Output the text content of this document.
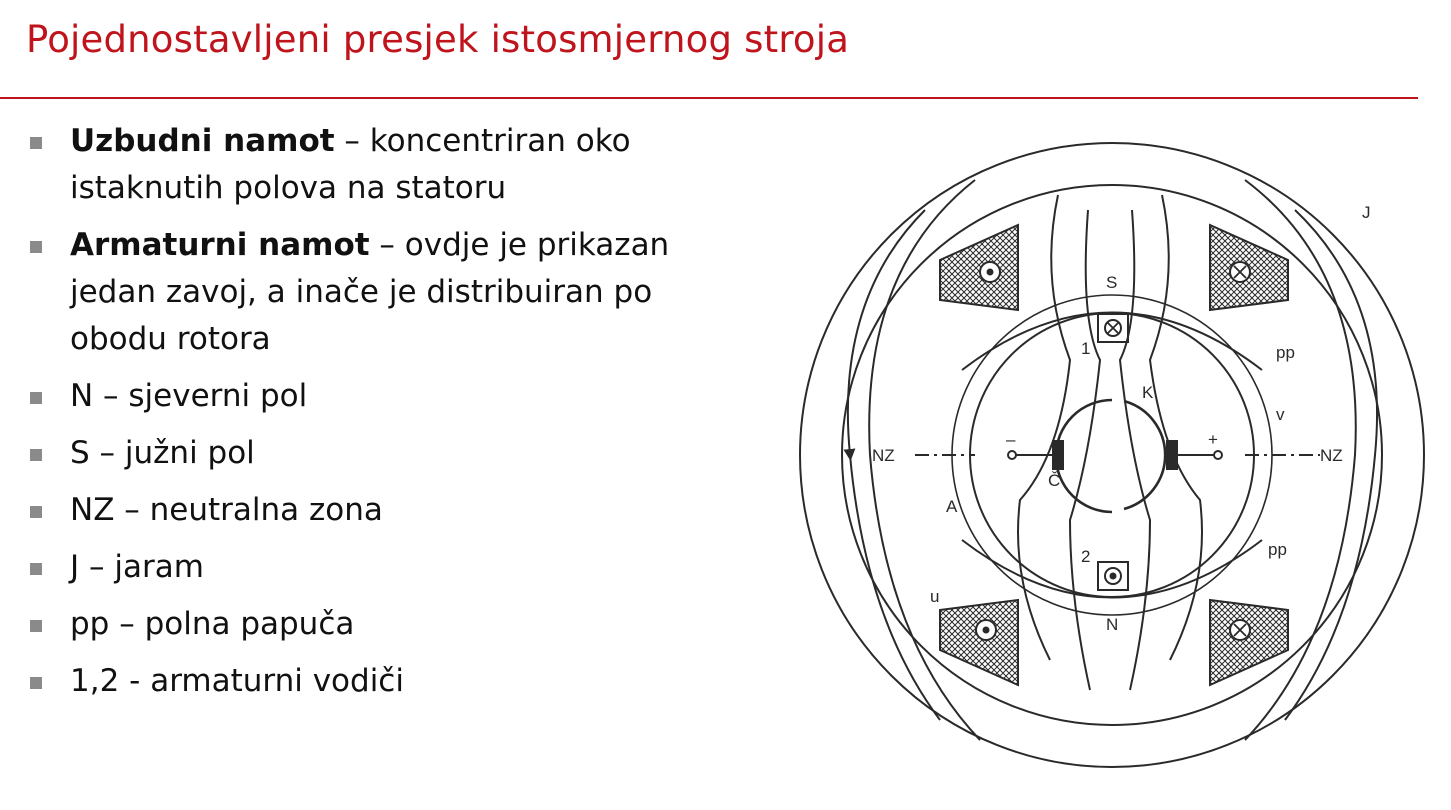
Pojednostavljeni presjek istosmjernog stroja
Uzbudni namot – koncentriran oko istaknutih polova na statoru
Armaturni namot – ovdje je prikazan jedan zavoj, a inače je distribuiran po obodu rotora
N – sjeverni pol
S – južni pol
NZ – neutralna zona
J – jaram
pp – polna papuča
1,2 - armaturni vodiči
J
S
N
pp
pp
K
1
2
NZ	NZ
–	+
Č
A
u
v
